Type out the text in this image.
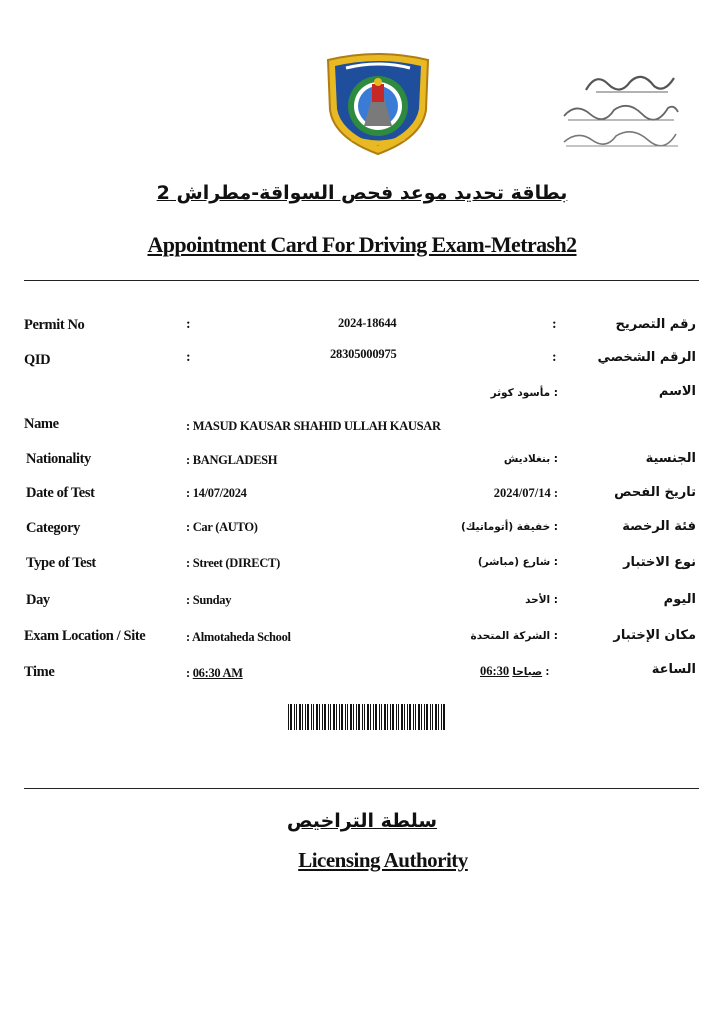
بطاقة تحديد موعد فحص السواقة-مطراش 2
Appointment Card For Driving Exam-Metrash2
Permit No	:	2024-18644	:	رقم التصريح
QID	:	28305000975	:	الرقم الشخصي
: مأسود كوثر	الاسم
Name	: MASUD KAUSAR SHAHID ULLAH KAUSAR
Nationality	: BANGLADESH	: بنغلاديش	الجنسية
Date of Test	: 14/07/2024	2024/07/14 :	تاريخ الفحص
Category	: Car (AUTO)	: خفيفة (أتوماتيك)	فئة الرخصة
Type of Test	: Street (DIRECT)	: شارع (مباشر)	نوع الاختبار
Day	: Sunday	: الأحد	اليوم
Exam Location / Site	: Almotaheda School	: الشركة المتحدة	مكان الإختبار
Time	: 06:30 AM	صباحا 06:30	:	الساعة
سلطة التراخيص
Licensing Authority
